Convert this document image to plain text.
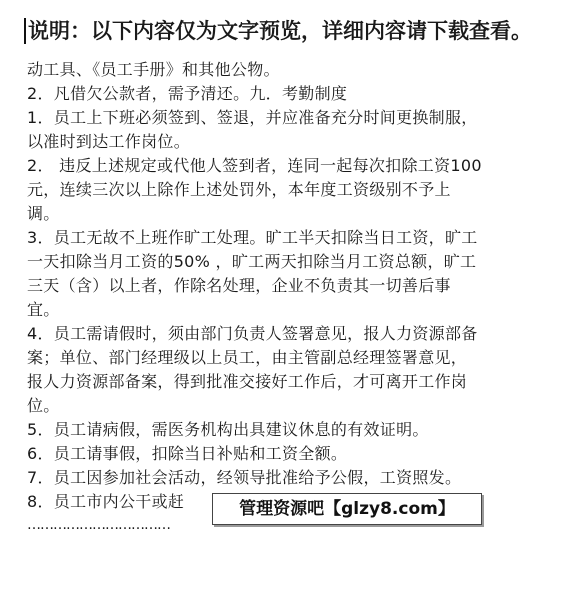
说明：以下内容仅为文字预览，详细内容请下载查看。
动工具、《员工手册》和其他公物。
2．凡借欠公款者，需予清还。九．考勤制度
1．员工上下班必须签到、签退，并应准备充分时间更换制服，
以准时到达工作岗位。
2． 违反上述规定或代他人签到者，连同一起每次扣除工资100
元，连续三次以上除作上述处罚外，本年度工资级别不予上
调。
3．员工无故不上班作旷工处理。旷工半天扣除当日工资，旷工
一天扣除当月工资的50% ，旷工两天扣除当月工资总额，旷工
三天（含）以上者，作除名处理，企业不负责其一切善后事
宜。
4．员工需请假时，须由部门负责人签署意见，报人力资源部备
案；单位、部门经理级以上员工，由主管副总经理签署意见，
报人力资源部备案，得到批准交接好工作后，才可离开工作岗
位。
5．员工请病假，需医务机构出具建议休息的有效证明。
6．员工请事假，扣除当日补贴和工资全额。
7．员工因参加社会活动，经领导批准给予公假，工资照发。
8．员工市内公干或赶
……………………………
管理资源吧【glzy8.com】
